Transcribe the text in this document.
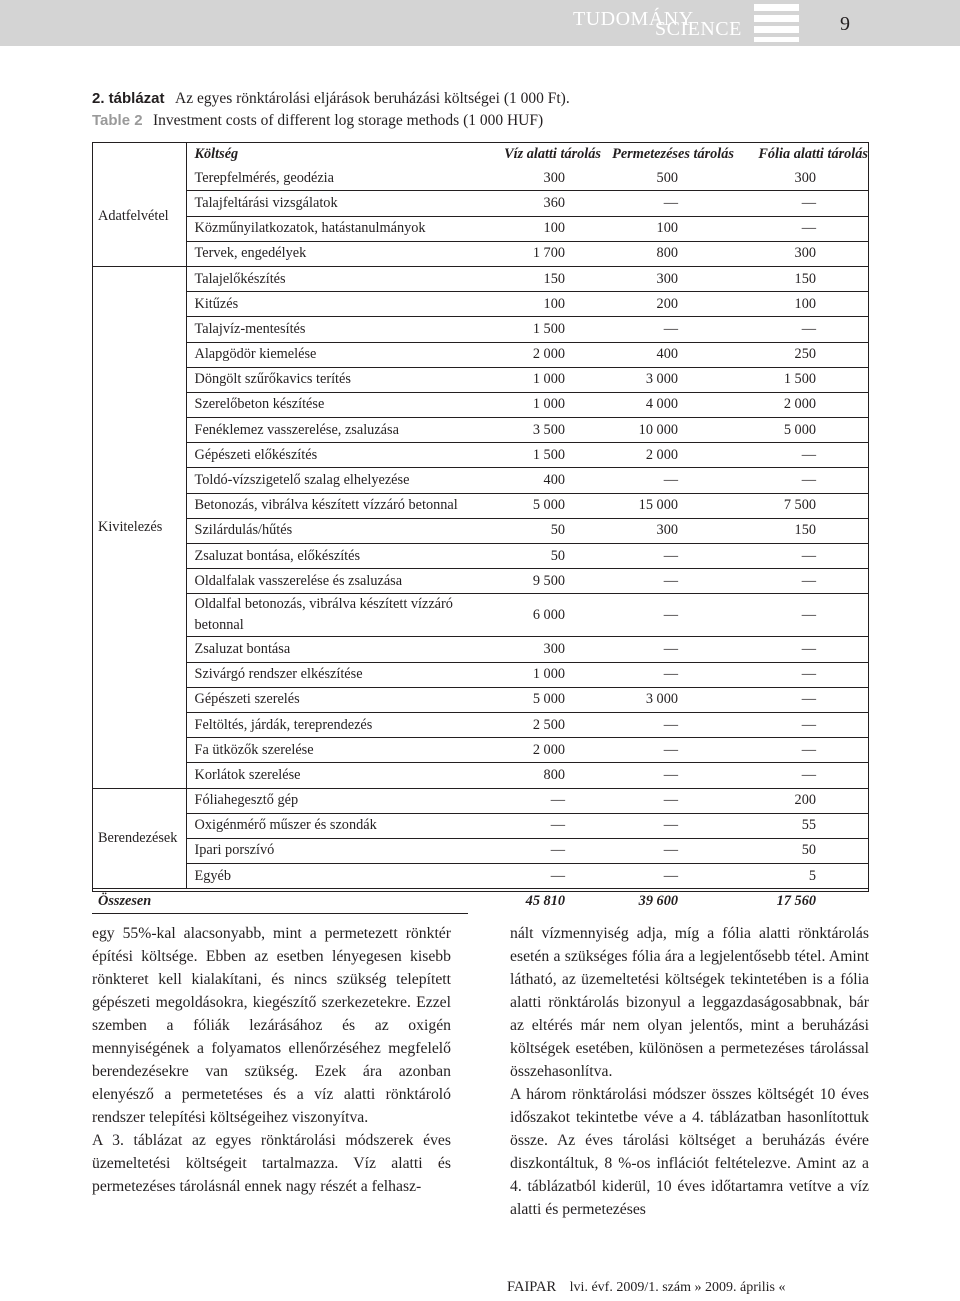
TUDOMÁNY
SCIENCE	9
2. táblázat Az egyes rönktárolási eljárások beruházási költségei (1 000 Ft).
Table 2 Investment costs of different log storage methods (1 000 HUF)
	Költség	Víz alatti tárolás	Permetezéses tárolás	Fólia alatti tárolás
Adatfelvétel	Terepfelmérés, geodézia	300	500	300
	Talajfeltárási vizsgálatok	360	—	—
	Közműnyilatkozatok, hatástanulmányok	100	100	—
	Tervek, engedélyek	1 700	800	300
Kivitelezés	Talajelőkészítés	150	300	150
	Kitűzés	100	200	100
	Talajvíz-mentesítés	1 500	—	—
	Alapgödör kiemelése	2 000	400	250
	Döngölt szűrőkavics terítés	1 000	3 000	1 500
	Szerelőbeton készítése	1 000	4 000	2 000
	Fenéklemez vasszerelése, zsaluzása	3 500	10 000	5 000
	Gépészeti előkészítés	1 500	2 000	—
	Toldó-vízszigetelő szalag elhelyezése	400	—	—
	Betonozás, vibrálva készített vízzáró betonnal	5 000	15 000	7 500
	Szilárdulás/hűtés	50	300	150
	Zsaluzat bontása, előkészítés	50	—	—
	Oldalfalak vasszerelése és zsaluzása	9 500	—	—
	Oldalfal betonozás, vibrálva készített vízzáró betonnal	6 000	—	—
	Zsaluzat bontása	300	—	—
	Szivárgó rendszer elkészítése	1 000	—	—
	Gépészeti szerelés	5 000	3 000	—
	Feltöltés, járdák, tereprendezés	2 500	—	—
	Fa ütközők szerelése	2 000	—	—
	Korlátok szerelése	800	—	—
Berendezések	Fóliahegesztő gép	—	—	200
	Oxigénmérő műszer és szondák	—	—	55
	Ipari porszívó	—	—	50
	Egyéb	—	—	5
Összesen		45 810	39 600	17 560

egy 55%-kal alacsonyabb, mint a permetezett rönktér építési költsége. Ebben az esetben lényegesen kisebb rönkteret kell kialakítani, és nincs szükség telepített gépészeti megoldásokra, kiegészítő szerkezetekre. Ezzel szemben a fóliák lezárásához és az oxigén mennyiségének a folyamatos ellenőrzéséhez megfelelő berendezésekre van szükség. Ezek ára azonban elenyésző a permetetéses és a víz alatti rönktároló rendszer telepítési költségeihez viszonyítva.

A 3. táblázat az egyes rönktárolási módszerek éves üzemeltetési költségeit tartalmazza. Víz alatti és permetezéses tárolásnál ennek nagy részét a felhasz-

nált vízmennyiség adja, míg a fólia alatti rönktárolás esetén a szükséges fólia ára a legjelentősebb tétel. Amint látható, az üzemeltetési költségek tekintetében is a fólia alatti rönktárolás bizonyul a leggazdaságosabbnak, bár az eltérés már nem olyan jelentős, mint a beruházási költségek esetében, különösen a permetezéses tárolással összehasonlítva.

A három rönktárolási módszer összes költségét 10 éves időszakot tekintetbe véve a 4. táblázatban hasonlítottuk össze. Az éves tárolási költséget a beruházás évére diszkontáltuk, 8 %-os inflációt feltételezve. Amint az a 4. táblázatból kiderül, 10 éves időtartamra vetítve a víz alatti és permetezéses

FAIPAR lvi. évf. 2009/1. szám » 2009. április «
